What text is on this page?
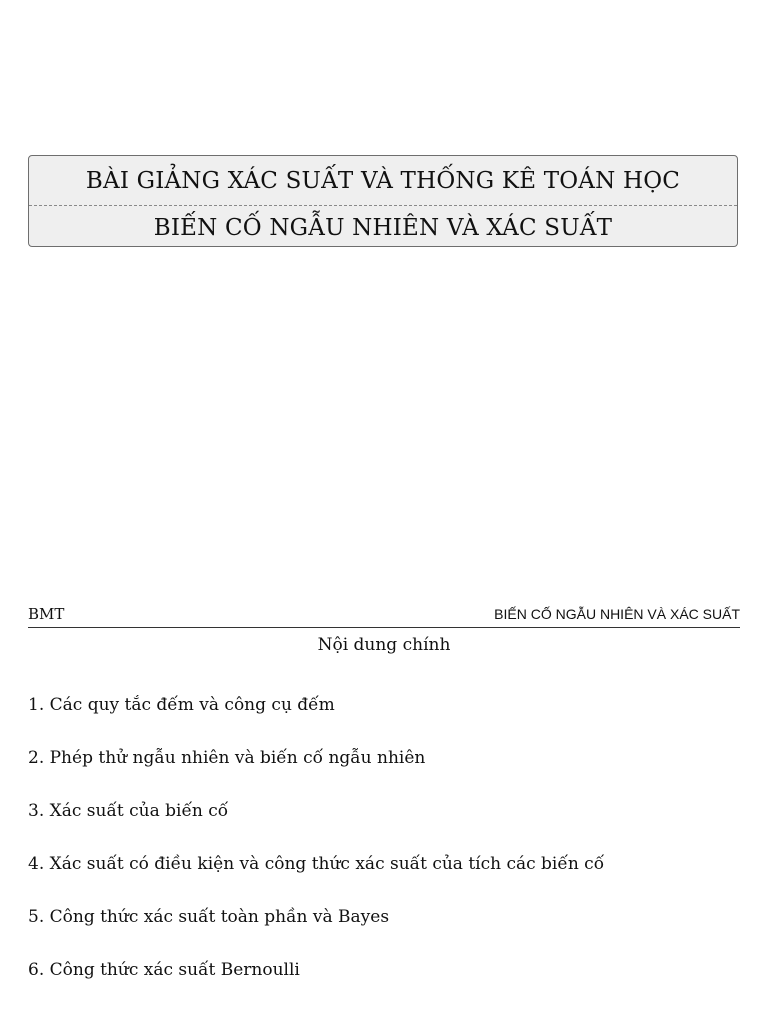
BÀI GIẢNG XÁC SUẤT VÀ THỐNG KÊ TOÁN HỌC
BIẾN CỐ NGẪU NHIÊN VÀ XÁC SUẤT
BMT	BIẾN CỐ NGẪU NHIÊN VÀ XÁC SUẤT
Nội dung chính
1. Các quy tắc đếm và công cụ đếm
2. Phép thử ngẫu nhiên và biến cố ngẫu nhiên
3. Xác suất của biến cố
4. Xác suất có điều kiện và công thức xác suất của tích các biến cố
5. Công thức xác suất toàn phần và Bayes
6. Công thức xác suất Bernoulli
